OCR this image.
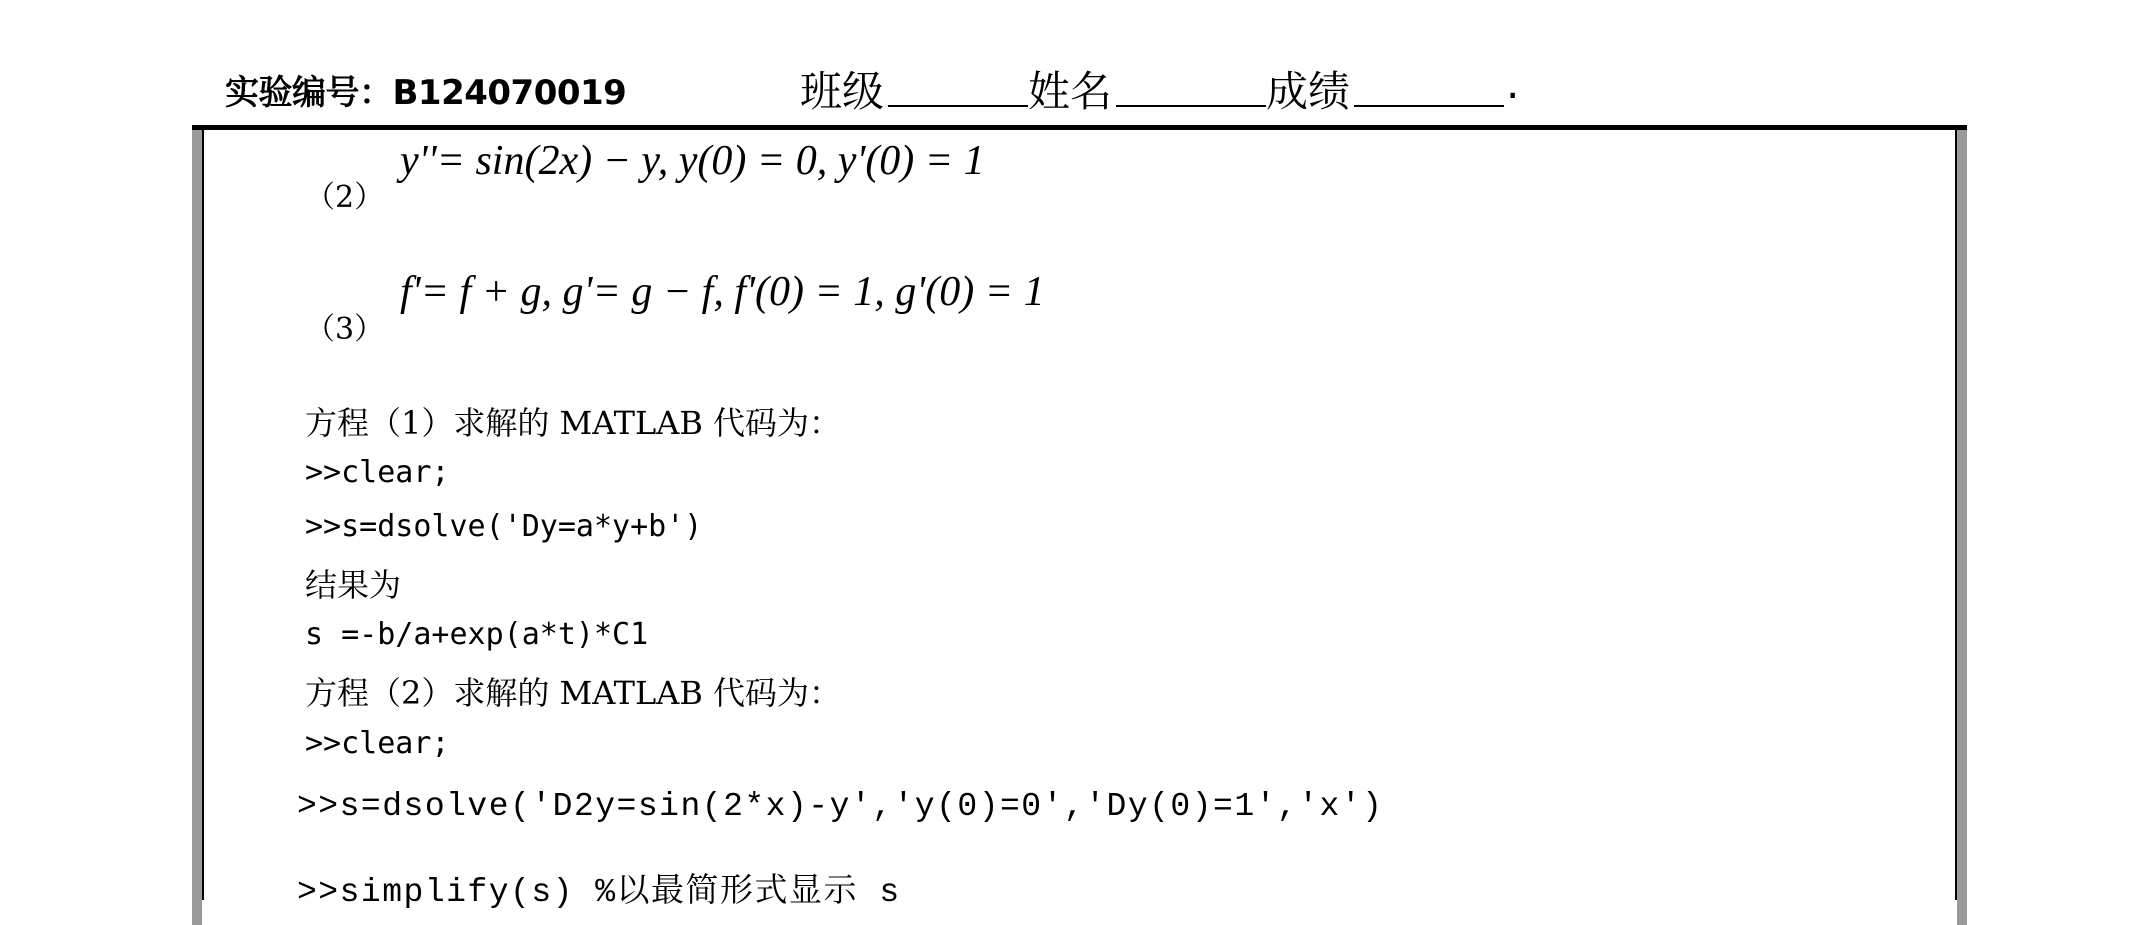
实验编号：B124070019	班级	姓名	成绩	.
（2）
y''= sin(2x) − y, y(0) = 0, y'(0) = 1
（3）
f'= f + g, g'= g − f, f'(0) = 1, g'(0) = 1
方程（1）求解的 MATLAB 代码为：
>>clear;
>>s=dsolve('Dy=a*y+b')
结果为
s =-b/a+exp(a*t)*C1
方程（2）求解的 MATLAB 代码为：
>>clear;
>>s=dsolve('D2y=sin(2*x)-y','y(0)=0','Dy(0)=1','x')
>>simplify(s) %以最简形式显示 s
